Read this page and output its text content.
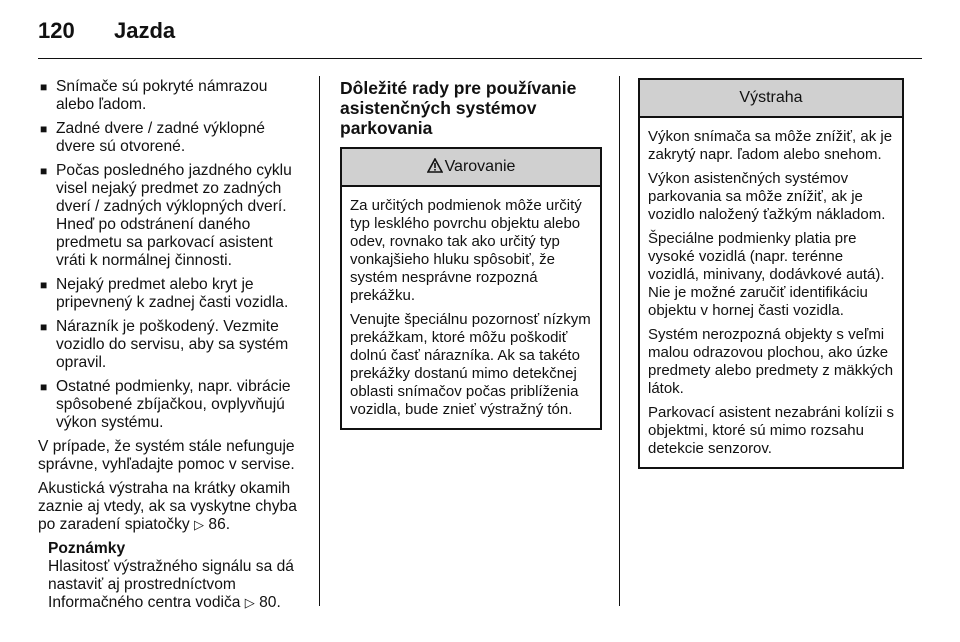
120 Jazda
■ Snímače sú pokryté námrazou alebo ľadom.
■ Zadné dvere / zadné výklopné dvere sú otvorené.
■ Počas posledného jazdného cyklu visel nejaký predmet zo zadných dverí / zadných výklopných dverí. Hneď po odstránení daného predmetu sa parkovací asistent vráti k normálnej činnosti.
■ Nejaký predmet alebo kryt je pripevnený k zadnej časti vozidla.
■ Nárazník je poškodený. Vezmite vozidlo do servisu, aby sa systém opravil.
■ Ostatné podmienky, napr. vibrácie spôsobené zbíjačkou, ovplyvňujú výkon systému.

V prípade, že systém stále nefunguje správne, vyhľadajte pomoc v servise.

Akustická výstraha na krátky okamih zaznie aj vtedy, ak sa vyskytne chyba po zaradení spiatočky ▷ 86.

Poznámky
Hlasitosť výstražného signálu sa dá nastaviť aj prostredníctvom Informačného centra vodiča ▷ 80.
Dôležité rady pre používanie asistenčných systémov parkovania
Varovanie

Za určitých podmienok môže určitý typ lesklého povrchu objektu alebo odev, rovnako tak ako určitý typ vonkajšieho hluku spôsobiť, že systém nesprávne rozpozná prekážku.

Venujte špeciálnu pozornosť nízkym prekážkam, ktoré môžu poškodiť dolnú časť nárazníka. Ak sa takéto prekážky dostanú mimo detekčnej oblasti snímačov počas priblíženia vozidla, bude znieť výstražný tón.

Výstraha

Výkon snímača sa môže znížiť, ak je zakrytý napr. ľadom alebo snehom.

Výkon asistenčných systémov parkovania sa môže znížiť, ak je vozidlo naložený ťažkým nákladom.

Špeciálne podmienky platia pre vysoké vozidlá (napr. terénne vozidlá, minivany, dodávkové autá). Nie je možné zaručiť identifikáciu objektu v hornej časti vozidla.

Systém nerozpozná objekty s veľmi malou odrazovou plochou, ako úzke predmety alebo predmety z mäkkých látok.

Parkovací asistent nezabráni kolízii s objektmi, ktoré sú mimo rozsahu detekcie senzorov.
